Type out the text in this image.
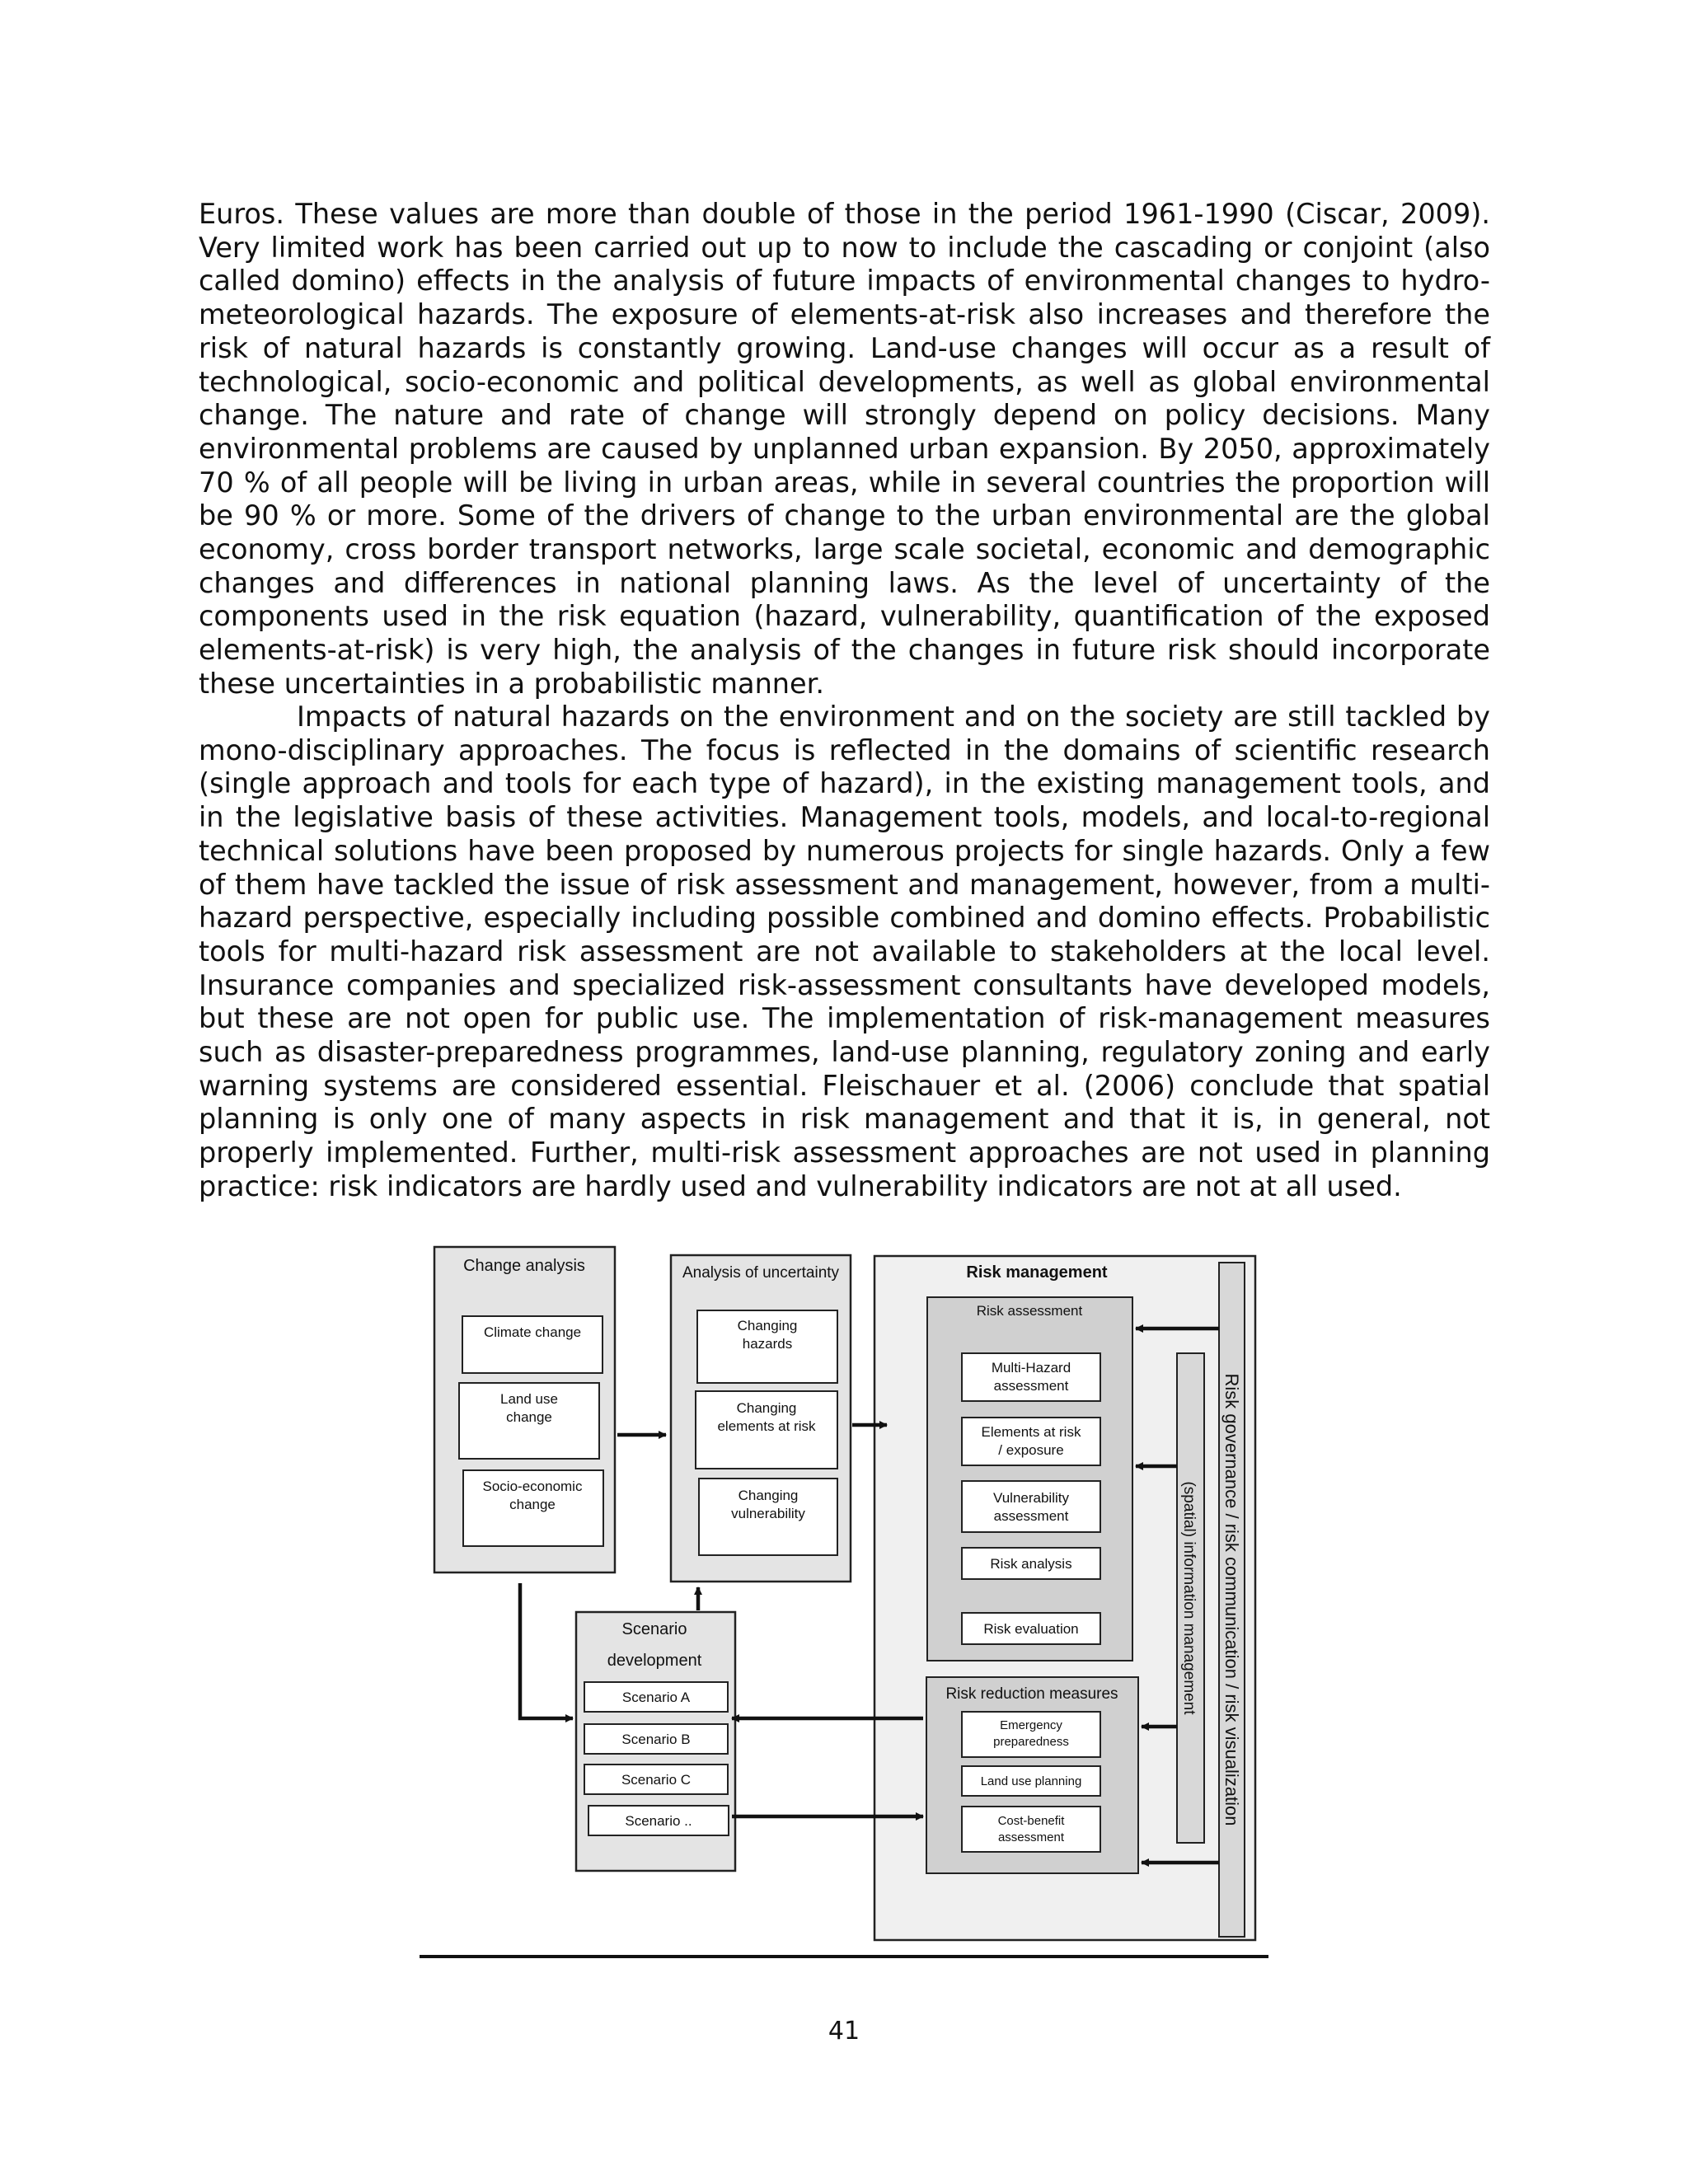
Euros. These values are more than double of those in the period 1961-1990 (Ciscar, 2009). Very limited work has been carried out up to now to include the cascading or conjoint (also called domino) effects in the analysis of future impacts of environmental changes to hydro-meteorological hazards. The exposure of elements-at-risk also increases and therefore the risk of natural hazards is constantly growing. Land-use changes will occur as a result of technological, socio-economic and political developments, as well as global environmental change. The nature and rate of change will strongly depend on policy decisions. Many environmental problems are caused by unplanned urban expansion. By 2050, approximately 70 % of all people will be living in urban areas, while in several countries the proportion will be 90 % or more. Some of the drivers of change to the urban environmental are the global economy, cross border transport networks, large scale societal, economic and demographic changes and differences in national planning laws. As the level of uncertainty of the components used in the risk equation (hazard, vulnerability, quantification of the exposed elements-at-risk) is very high, the analysis of the changes in future risk should incorporate these uncertainties in a probabilistic manner.

Impacts of natural hazards on the environment and on the society are still tackled by mono-disciplinary approaches. The focus is reflected in the domains of scientific research (single approach and tools for each type of hazard), in the existing management tools, and in the legislative basis of these activities. Management tools, models, and local-to-regional technical solutions have been proposed by numerous projects for single hazards. Only a few of them have tackled the issue of risk assessment and management, however, from a multi-hazard perspective, especially including possible combined and domino effects. Probabilistic tools for multi-hazard risk assessment are not available to stakeholders at the local level. Insurance companies and specialized risk-assessment consultants have developed models, but these are not open for public use. The implementation of risk-management measures such as disaster-preparedness programmes, land-use planning, regulatory zoning and early warning systems are considered essential. Fleischauer et al. (2006) conclude that spatial planning is only one of many aspects in risk management and that it is, in general, not properly implemented. Further, multi-risk assessment approaches are not used in planning practice: risk indicators are hardly used and vulnerability indicators are not at all used.

Change analysis
Climate change
Land use
change
Socio-economic
change
Analysis of uncertainty
Changing
hazards
Changing
elements at risk
Changing
vulnerability
Scenario
development
Scenario A
Scenario B
Scenario C
Scenario ..
Risk management
Risk assessment
Multi-Hazard
assessment
Elements at risk
/ exposure
Vulnerability
assessment
Risk analysis
Risk evaluation
Risk reduction measures
Emergency
preparedness
Land use planning
Cost-benefit
assessment
(spatial) information management Risk governance / risk communication / risk visualization
41
